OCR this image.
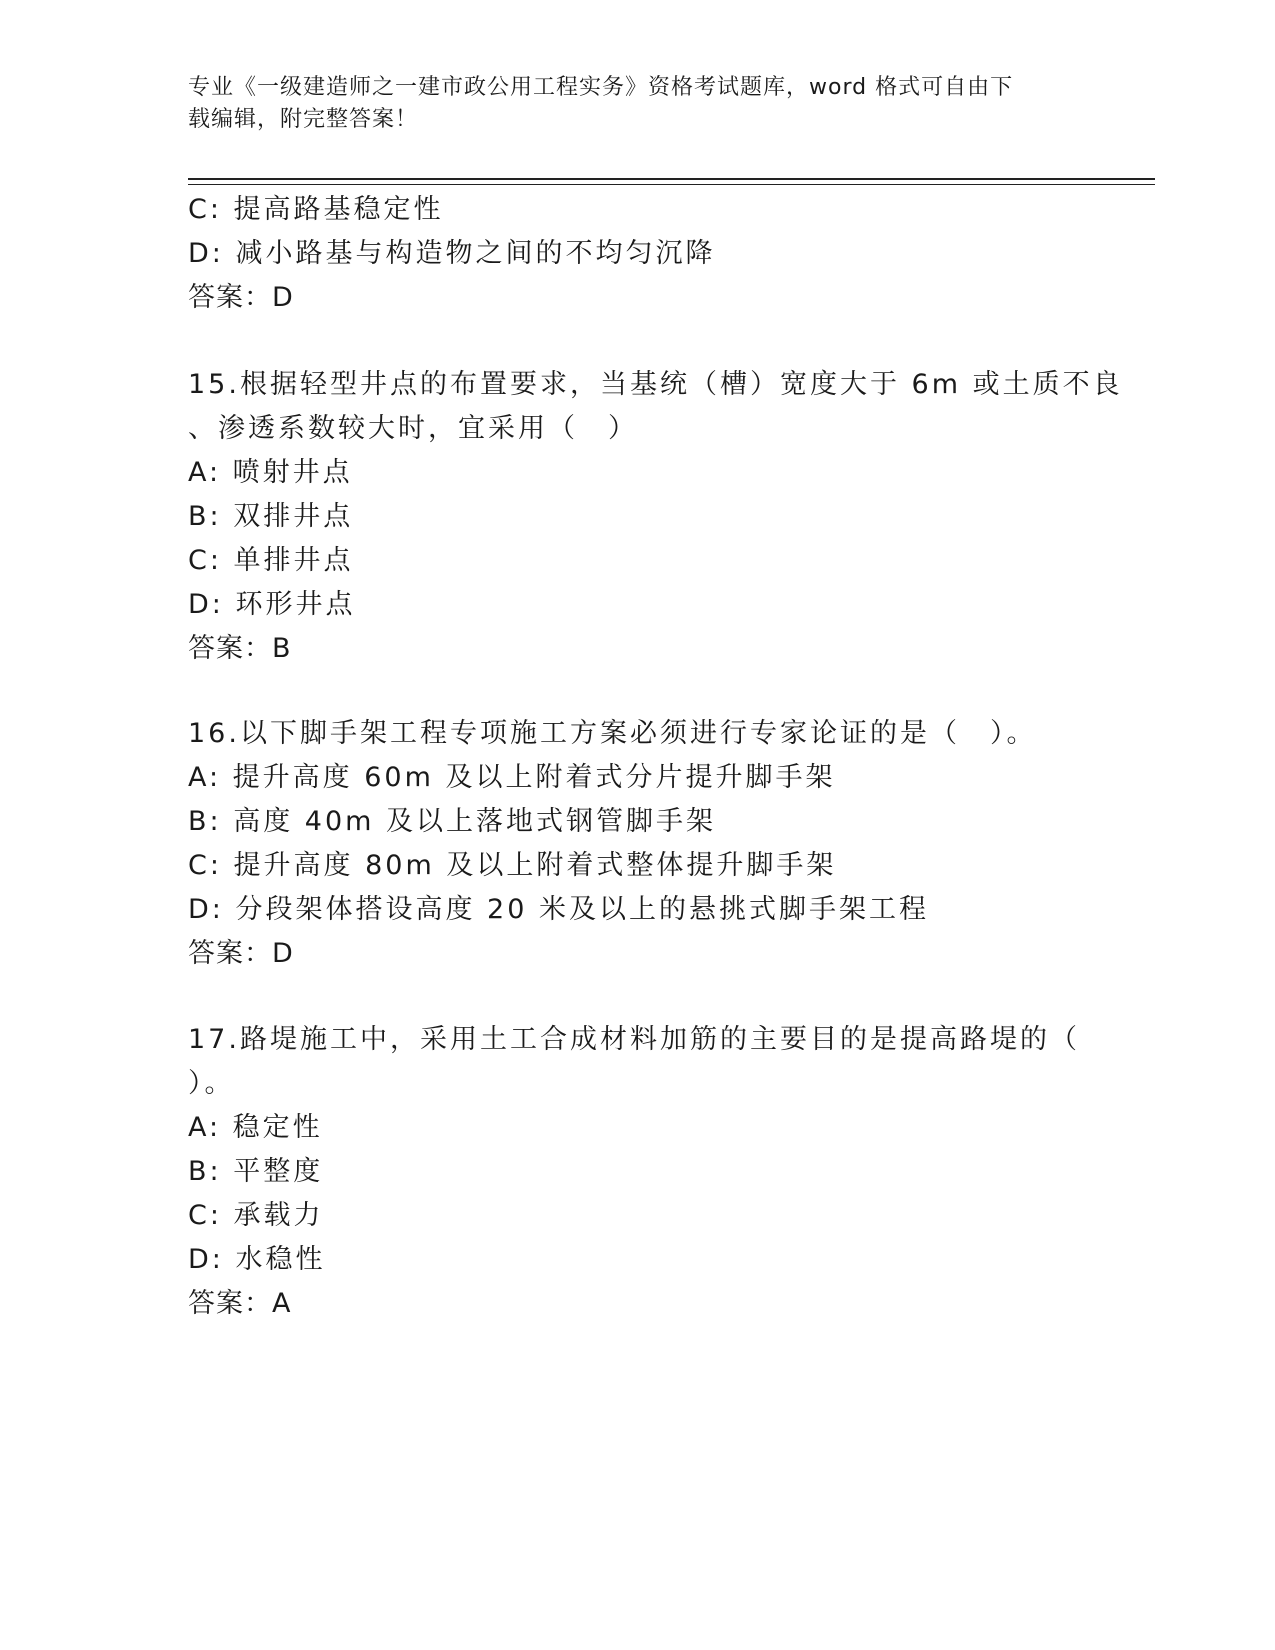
专业《一级建造师之一建市政公用工程实务》资格考试题库，word 格式可自由下
载编辑，附完整答案！
C: 提高路基稳定性
D: 减小路基与构造物之间的不均匀沉降
答案：D
15.根据轻型井点的布置要求，当基统（槽）宽度大于 6m 或土质不良
、渗透系数较大时，宜采用（　）
A: 喷射井点
B: 双排井点
C: 单排井点
D: 环形井点
答案：B
16.以下脚手架工程专项施工方案必须进行专家论证的是（　）。
A: 提升高度 60m 及以上附着式分片提升脚手架
B: 高度 40m 及以上落地式钢管脚手架
C: 提升高度 80m 及以上附着式整体提升脚手架
D: 分段架体搭设高度 20 米及以上的悬挑式脚手架工程
答案：D
17.路堤施工中，采用土工合成材料加筋的主要目的是提高路堤的（
）。
A: 稳定性
B: 平整度
C: 承载力
D: 水稳性
答案：A
